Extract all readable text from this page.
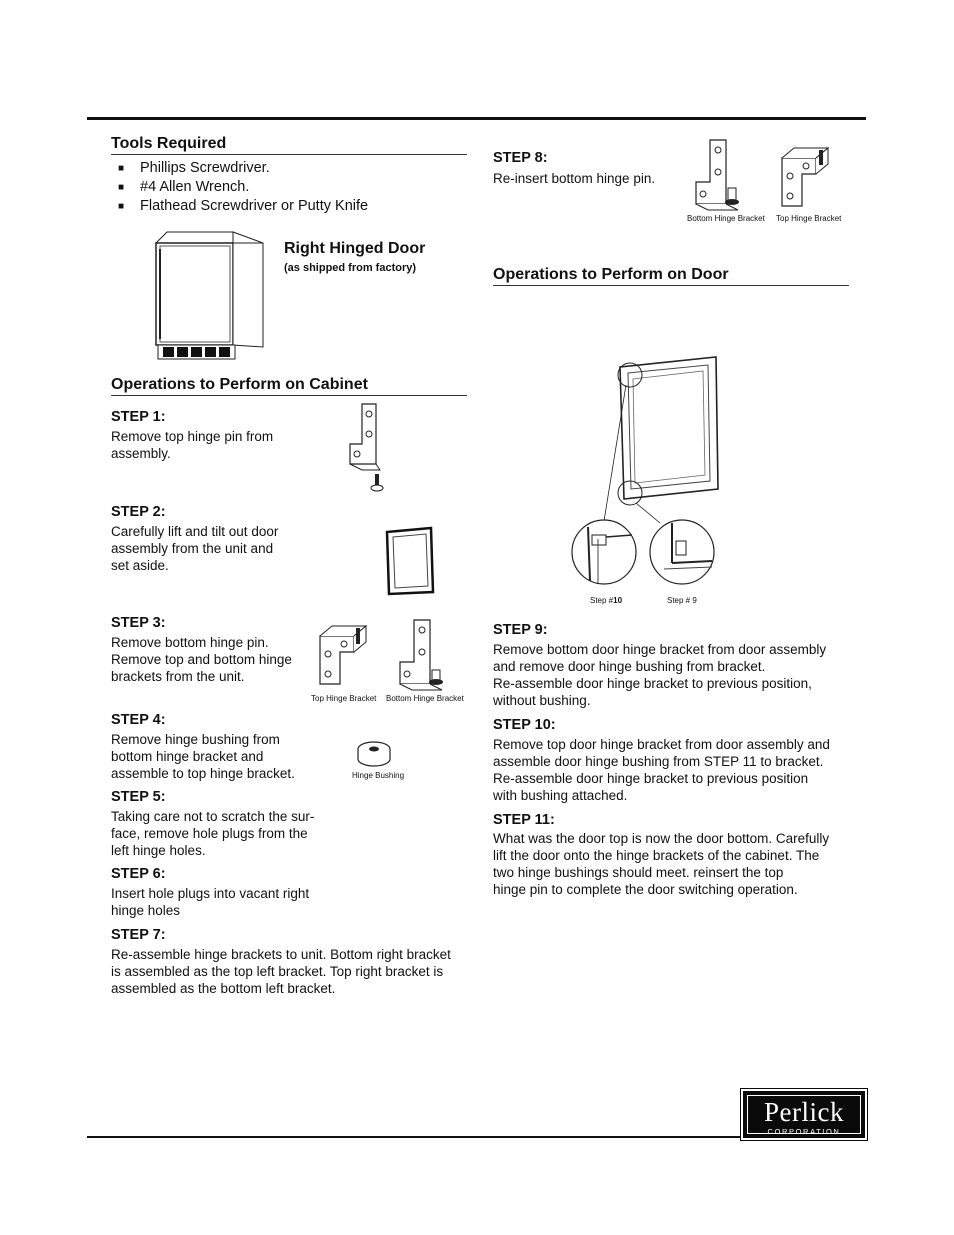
Tools Required
■ Phillips Screwdriver.
■ #4 Allen Wrench.
■ Flathead Screwdriver or Putty Knife
Right Hinged Door
(as shipped from factory)
Operations to Perform on Cabinet
STEP 1:
Remove top hinge pin from
assembly.
STEP 2:
Carefully lift and tilt out door
assembly from the unit and
set aside.
STEP 3:
Remove bottom hinge pin.
Remove top and bottom hinge
brackets from the unit.
Top Hinge Bracket Bottom Hinge Bracket
STEP 4:
Remove hinge bushing from
bottom hinge bracket and
assemble to top hinge bracket.	Hinge Bushing
STEP 5:
Taking care not to scratch the sur-
face, remove hole plugs from the
left hinge holes.
STEP 6:
Insert hole plugs into vacant right
hinge holes
STEP 7:
Re-assemble hinge brackets to unit. Bottom right bracket
is assembled as the top left bracket. Top right bracket is
assembled as the bottom left bracket.
STEP 8:
Re-insert bottom hinge pin.
Bottom Hinge Bracket Top Hinge Bracket
Operations to Perform on Door
Step #10	Step # 9
STEP 9:
Remove bottom door hinge bracket from door assembly
and remove door hinge bushing from bracket.
Re-assemble door hinge bracket to previous position,
without bushing.
STEP 10:
Remove top door hinge bracket from door assembly and
assemble door hinge bushing from STEP 11 to bracket.
Re-assemble door hinge bracket to previous position
with bushing attached.
STEP 11:
What was the door top is now the door bottom. Carefully
lift the door onto the hinge brackets of the cabinet. The
two hinge bushings should meet. reinsert the top
hinge pin to complete the door switching operation.
Perlick
CORPORATION
